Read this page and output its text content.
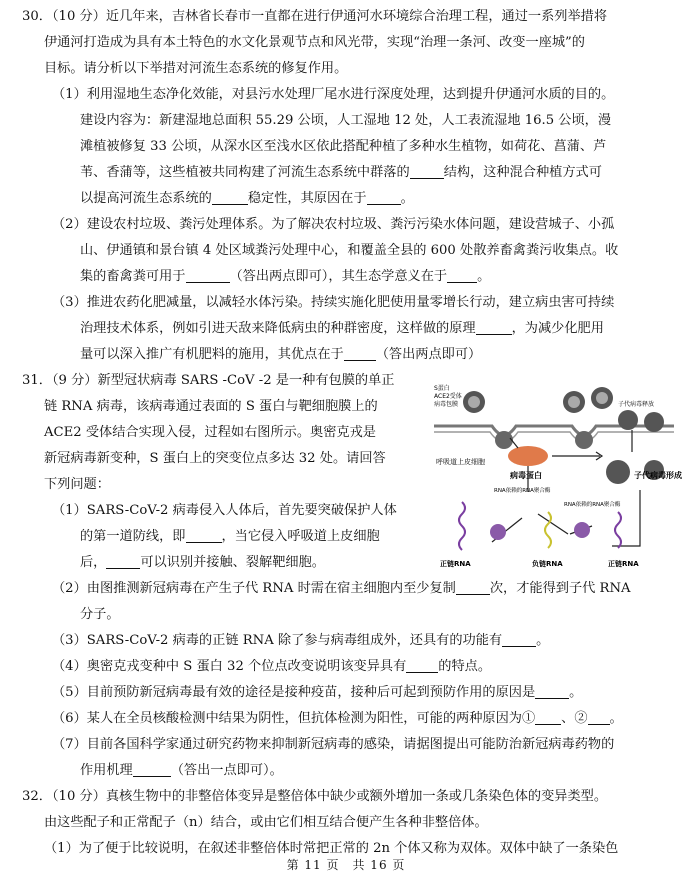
30．（10 分）近几年来，吉林省长春市一直都在进行伊通河水环境综合治理工程，通过一系列举措将
伊通河打造成为具有本土特色的水文化景观节点和风光带，实现“治理一条河、改变一座城”的
目标。请分析以下举措对河流生态系统的修复作用。
（1）利用湿地生态净化效能，对县污水处理厂尾水进行深度处理，达到提升伊通河水质的目的。
建设内容为：新建湿地总面积 55.29 公顷，人工湿地 12 处，人工表流湿地 16.5 公顷，漫
滩植被修复 33 公顷，从深水区至浅水区依此搭配种植了多种水生植物，如荷花、菖蒲、芦
苇、香蒲等，这些植被共同构建了河流生态系统中群落的	结构，这种混合种植方式可
以提高河流生态系统的	稳定性，其原因在于	。
（2）建设农村垃圾、粪污处理体系。为了解决农村垃圾、粪污污染水体问题，建设营城子、小孤
山、伊通镇和景台镇 4 处区域粪污处理中心，和覆盖全县的 600 处散养畜禽粪污收集点。收
集的畜禽粪可用于	（答出两点即可），其生态学意义在于 。
（3）推进农药化肥减量，以减轻水体污染。持续实施化肥使用量零增长行动，建立病虫害可持续
治理技术体系，例如引进天敌来降低病虫的种群密度，这样做的原理	，为减少化肥用
量可以深入推广有机肥料的施用，其优点在于 （答出两点即可）
31．（9 分）新型冠状病毒 SARS -CoV -2 是一种有包膜的单正
链 RNA 病毒，该病毒通过表面的 S 蛋白与靶细胞膜上的
ACE2 受体结合实现入侵，过程如右图所示。奥密克戎是
新冠病毒新变种，S 蛋白上的突变位点多达 32 处。请回答
下列问题：
（1）SARS-CoV-2 病毒侵入人体后，首先要突破保护人体
的第一道防线，即	，当它侵入呼吸道上皮细胞
后，	可以识别并接触、裂解靶细胞。
（2）由图推测新冠病毒在产生子代 RNA 时需在宿主细胞内至少复制	次，才能得到子代 RNA
分子。
（3）SARS-CoV-2 病毒的正链 RNA 除了参与病毒组成外，还具有的功能有	。
（4）奥密克戎变种中 S 蛋白 32 个位点改变说明该变异具有 的特点。
（5）目前预防新冠病毒最有效的途径是接种疫苗，接种后可起到预防作用的原因是	。
（6）某人在全员核酸检测中结果为阴性，但抗体检测为阳性，可能的两种原因为① 、② 。
（7）目前各国科学家通过研究药物来抑制新冠病毒的感染，请据图提出可能防治新冠病毒药物的
作用机理	（答出一点即可）。
S蛋白
ACE2受体
病毒包膜	子代病毒释放
呼吸道上皮细胞
病毒蛋白	子代病毒形成
RNA依赖的RNA聚合酶
RNA依赖的RNA聚合酶
正链RNA	负链RNA	正链RNA
32．（10 分）真核生物中的非整倍体变异是整倍体中缺少或额外增加一条或几条染色体的变异类型。
由这些配子和正常配子（n）结合，或由它们相互结合便产生各种非整倍体。
（1）为了便于比较说明，在叙述非整倍体时常把正常的 2n 个体又称为双体。双体中缺了一条染色
第 11 页　共 16 页
